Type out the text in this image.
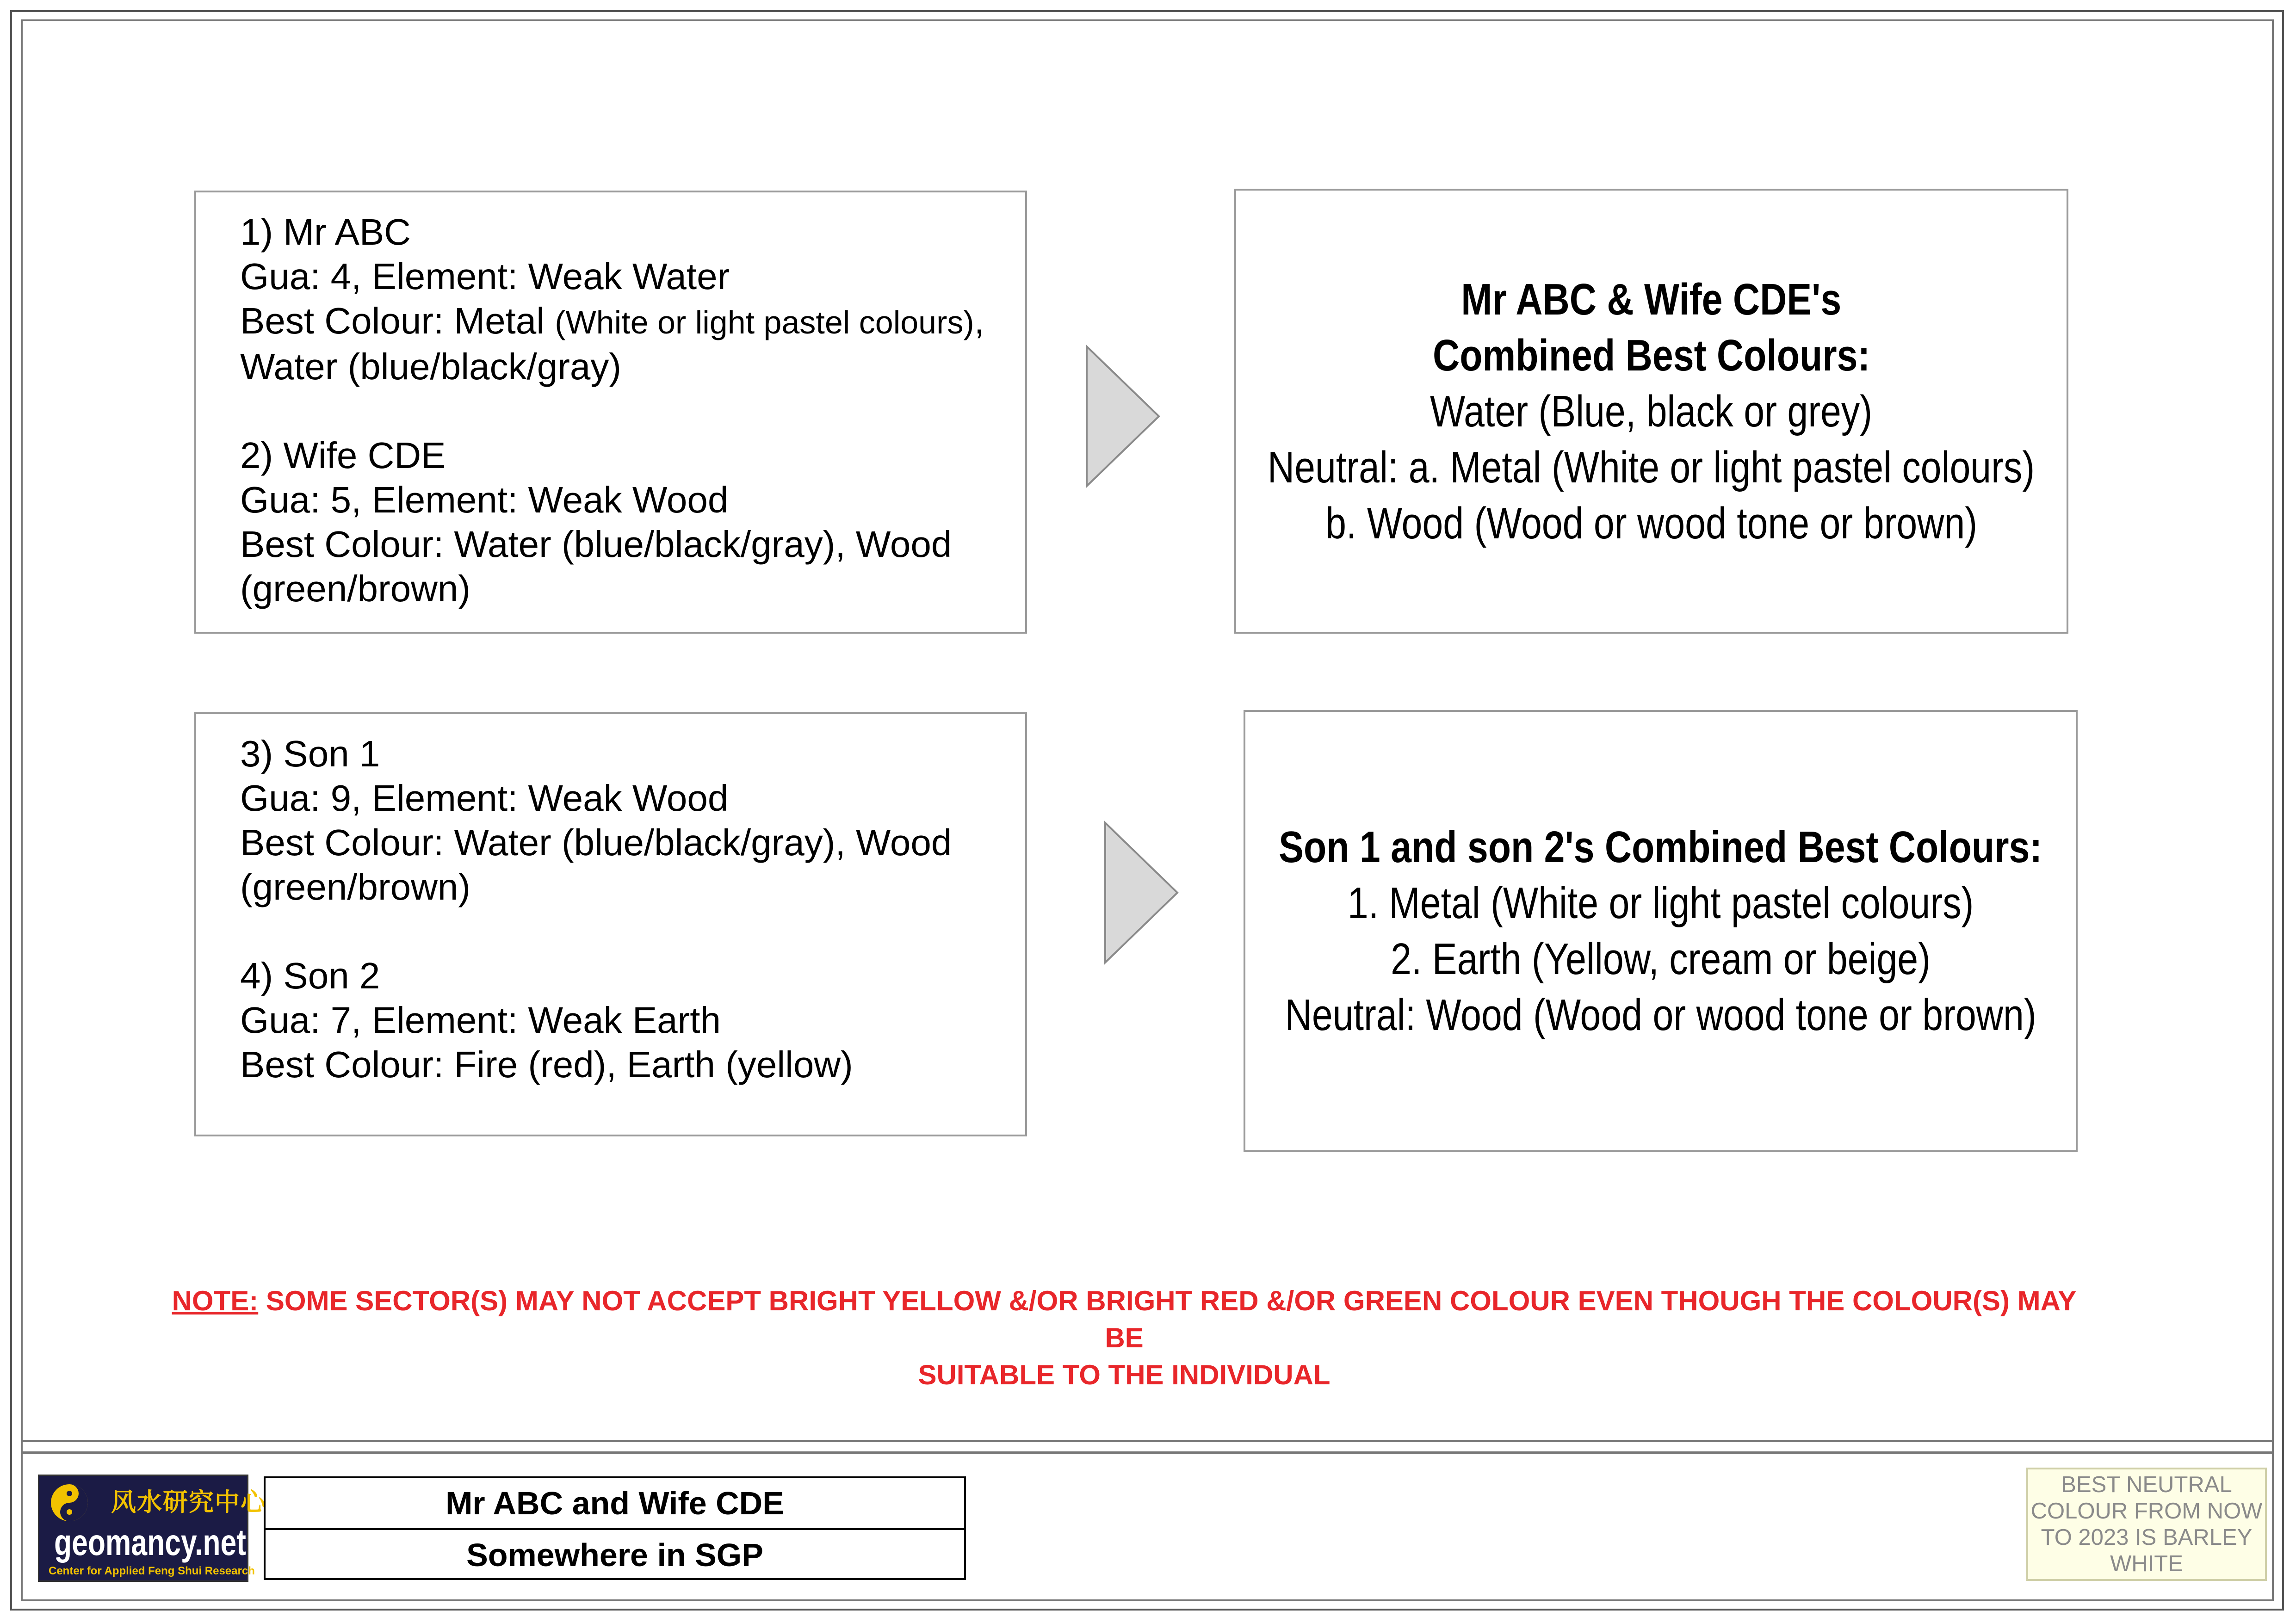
1) Mr ABC
Gua: 4, Element: Weak Water
Best Colour: Metal (White or light pastel colours),
Water (blue/black/gray)
2) Wife CDE
Gua: 5, Element: Weak Wood
Best Colour: Water (blue/black/gray), Wood
(green/brown)
Mr ABC & Wife CDE's
Combined Best Colours:
Water (Blue, black or grey)
Neutral: a. Metal (White or light pastel colours)
b. Wood (Wood or wood tone or brown)
3) Son 1
Gua: 9, Element: Weak Wood
Best Colour: Water (blue/black/gray), Wood
(green/brown)
4) Son 2
Gua: 7, Element: Weak Earth
Best Colour: Fire (red), Earth (yellow)
Son 1 and son 2's Combined Best Colours:
1. Metal (White or light pastel colours)
2. Earth (Yellow, cream or beige)
Neutral: Wood (Wood or wood tone or brown)
NOTE: SOME SECTOR(S) MAY NOT ACCEPT BRIGHT YELLOW &/OR BRIGHT RED &/OR GREEN COLOUR EVEN THOUGH THE COLOUR(S) MAY BE
SUITABLE TO THE INDIVIDUAL
风水研究中心
geomancy.net
Center for Applied Feng Shui Research
Mr ABC and Wife CDE
Somewhere in SGP
BEST NEUTRAL
COLOUR FROM NOW
TO 2023 IS BARLEY
WHITE
